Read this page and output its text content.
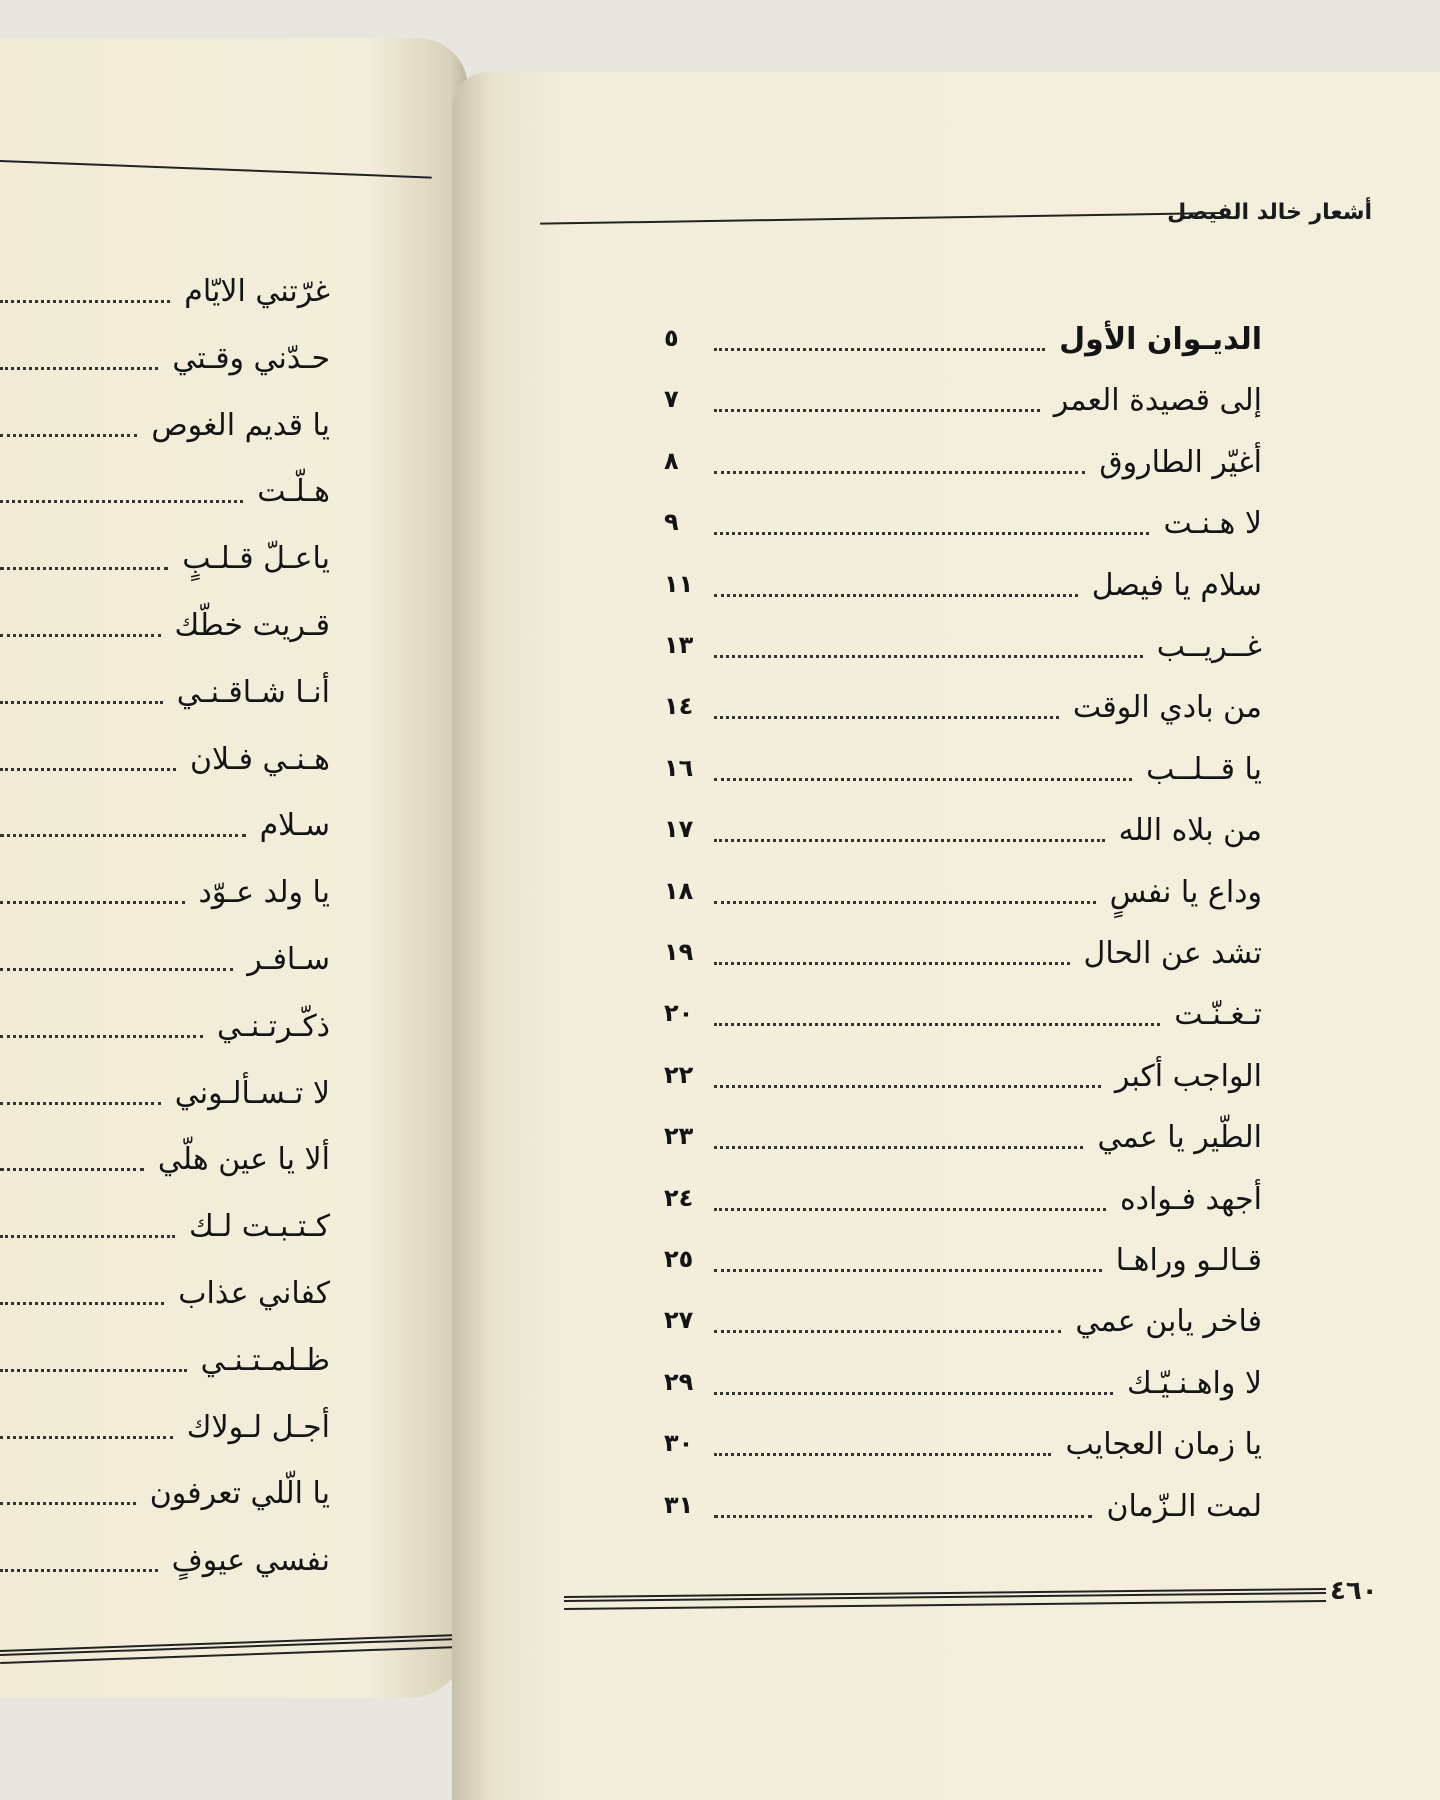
غرّتني الايّام
حـدّني وقـتي
يا قديم الغوص
هـلّـت
ياعـلّ قـلـبٍ
قـريت خطّك
أنـا شـاقـنـي
هـنـي فـلان
سـلام
يا ولد عـوّد
سـافـر
ذكّـرتـنـي
لا تـسـألـوني
ألا يا عين هلّي
كـتـبـت لـك
كفاني عذاب
ظـلمـتـنـي
أجـل لـولاك
يا الّلي تعرفون
نفسي عيوفٍ
أشعار خالد الفيصل
الديـوان الأول
٥
إلى قصيدة العمر
٧
أغيّر الطاروق
٨
لا هـنـت
٩
سلام يا فيصل
١١
غــريــب
١٣
من بادي الوقت
١٤
يا قــلــب
١٦
من بلاه الله
١٧
وداع يا نفسٍ
١٨
تشد عن الحال
١٩
تـغـنّـت
٢٠
الواجب أكبر
٢٢
الطّير يا عمي
٢٣
أجهد فـواده
٢٤
قـالـو وراهـا
٢٥
فاخر يابن عمي
٢٧
لا واهـنـيّـك
٢٩
يا زمان العجايب
٣٠
لمت الـزّمان
٣١
٤٦٠
